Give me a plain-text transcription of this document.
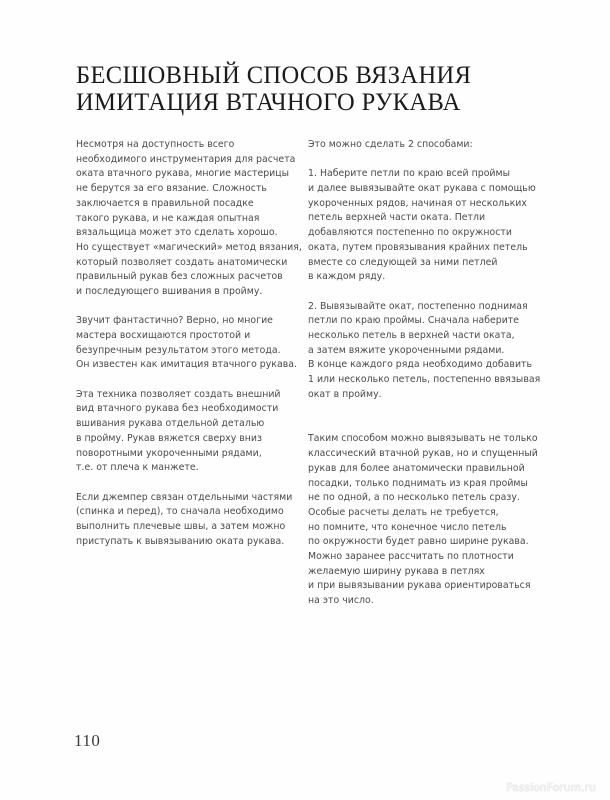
БЕСШОВНЫЙ СПОСОБ ВЯЗАНИЯ
ИМИТАЦИЯ ВТАЧНОГО РУКАВА

Несмотря на доступность всего
необходимого инструментария для расчета
оката втачного рукава, многие мастерицы
не берутся за его вязание. Сложность
заключается в правильной посадке
такого рукава, и не каждая опытная
вязальщица может это сделать хорошо.
Но существует «магический» метод вязания,
который позволяет создать анатомически
правильный рукав без сложных расчетов
и последующего вшивания в пройму.

Звучит фантастично? Верно, но многие
мастера восхищаются простотой и
безупречным результатом этого метода.
Он известен как имитация втачного рукава.

Эта техника позволяет создать внешний
вид втачного рукава без необходимости
вшивания рукава отдельной деталью
в пройму. Рукав вяжется сверху вниз
поворотными укороченными рядами,
т.е. от плеча к манжете.

Если джемпер связан отдельными частями
(спинка и перед), то сначала необходимо
выполнить плечевые швы, а затем можно
приступать к вывязыванию оката рукава.

Это можно сделать 2 способами:

1. Наберите петли по краю всей проймы
и далее вывязывайте окат рукава с помощью
укороченных рядов, начиная от нескольких
петель верхней части оката. Петли
добавляются постепенно по окружности
оката, путем провязывания крайних петель
вместе со следующей за ними петлей
в каждом ряду.

2. Вывязывайте окат, постепенно поднимая
петли по краю проймы. Сначала наберите
несколько петель в верхней части оката,
а затем вяжите укороченными рядами.
В конце каждого ряда необходимо добавить
1 или несколько петель, постепенно ввязывая
окат в пройму.

Таким способом можно вывязывать не только
классический втачной рукав, но и спущенный
рукав для более анатомически правильной
посадки, только поднимать из края проймы
не по одной, а по несколько петель сразу.
Особые расчеты делать не требуется,
но помните, что конечное число петель
по окружности будет равно ширине рукава.
Можно заранее рассчитать по плотности
желаемую ширину рукава в петлях
и при вывязывании рукава ориентироваться
на это число.

110
PassionForum.ru
